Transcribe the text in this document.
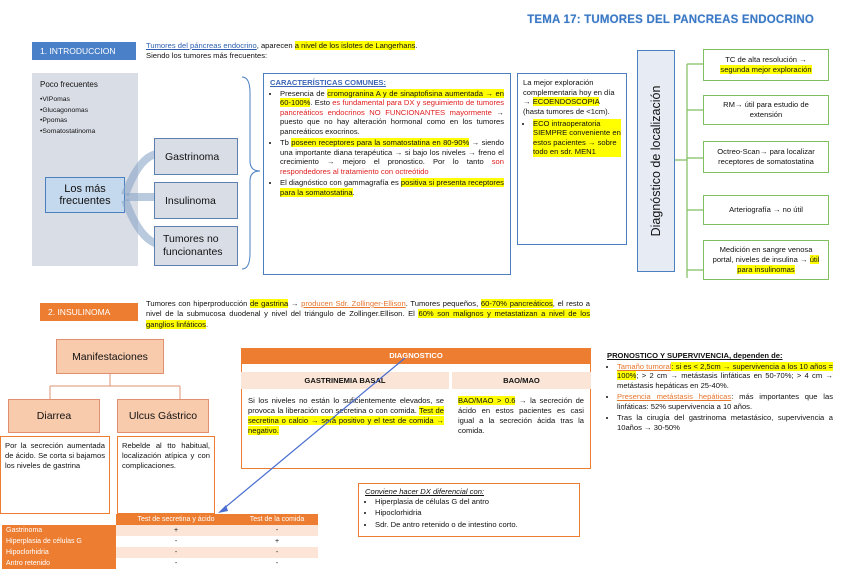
TEMA 17: TUMORES DEL PANCREAS ENDOCRINO
1. INTRODUCCION
Tumores del páncreas endocrino, aparecen a nivel de los islotes de Langerhans. Siendo los tumores más frecuentes:
Poco frecuentes
•VIPomas
•Glucagonomas
•Ppomas
•Somatostatinoma
Los más frecuentes
Gastrinoma
Insulinoma
Tumores no funcionantes
CARACTERÍSTICAS COMUNES:
• Presencia de cromogranina A y de sinaptofisina aumentada → en 60-100%. Esto es fundamental para DX y seguimiento de tumores pancreáticos endocrinos NO FUNCIONANTES mayormente → puesto que no hay alteración hormonal como en los tumores pancreáticos exocrinos.
• Tb poseen receptores para la somatostatina en 80-90% → siendo una importante diana terapéutica → si bajo los niveles → freno el crecimiento → mejoro el pronostico. Por lo tanto son respondedores al tratamiento con octreótido
• El diagnóstico con gammagrafía es positiva si presenta receptores para la somatostatina.
La mejor exploración complementaria hoy en día → ECOENDOSCOPIA (hasta tumores de <1cm).
• ECO intraoperatoria SIEMPRE conveniente en estos pacientes → sobre todo en sdr. MEN1	Diagnóstico de localización
TC de alta resolución → segunda mejor exploración
RM→ útil para estudio de extensión
Octreo-Scan→ para localizar receptores de somatostatina
Arteriografía → no útil
Medición en sangre venosa portal, niveles de insulina → útil para insulinomas
2. INSULINOMA
Tumores con hiperproducción de gastrina → producen Sdr. Zollinger-Ellison. Tumores pequeños, 60-70% pancreáticos, el resto a nivel de la submucosa duodenal y nivel del triángulo de Zollinger.Ellison. El 60% son malignos y metastatizan a nivel de los ganglios linfáticos.
Manifestaciones
Diarrea	Ulcus Gástrico
Por la secreción aumentada de ácido. Se corta si bajamos los niveles de gastrina
Rebelde al tto habitual, localización atípica y con complicaciones.
	Test de secretina y ácido	Test de la comida
Gastrinoma	+	-
Hiperplasia de células G	-	+
Hipoclorhidria	-	-
Antro retenido	-	-
DIAGNOSTICO
GASTRINEMIA BASAL	BAO/MAO
Si los niveles no están lo suficientemente elevados, se provoca la liberación con secretina o con comida. Test de secretina o calcio → será positivo y el test de comida → negativo.
BAO/MAO > 0.6 → la secreción de ácido en estos pacientes es casi igual a la secreción ácida tras la comida.
Conviene hacer DX diferencial con:
• Hiperplasia de células G del antro
• Hipoclorhidria
• Sdr. De antro retenido o de intestino corto.
PRONOSTICO Y SUPERVIVENCIA, dependen de:
• Tamaño tumoral: si es < 2,5cm → supervivencia a los 10 años = 100%; > 2 cm → metástasis linfáticas en 50-70%; > 4 cm → metástasis hepáticas en 25-40%.
• Presencia metástasis hepáticas: más importantes que las linfáticas: 52% supervivencia a 10 años.
• Tras la cirugía del gastrinoma metastásico, supervivencia a 10años → 30-50%
